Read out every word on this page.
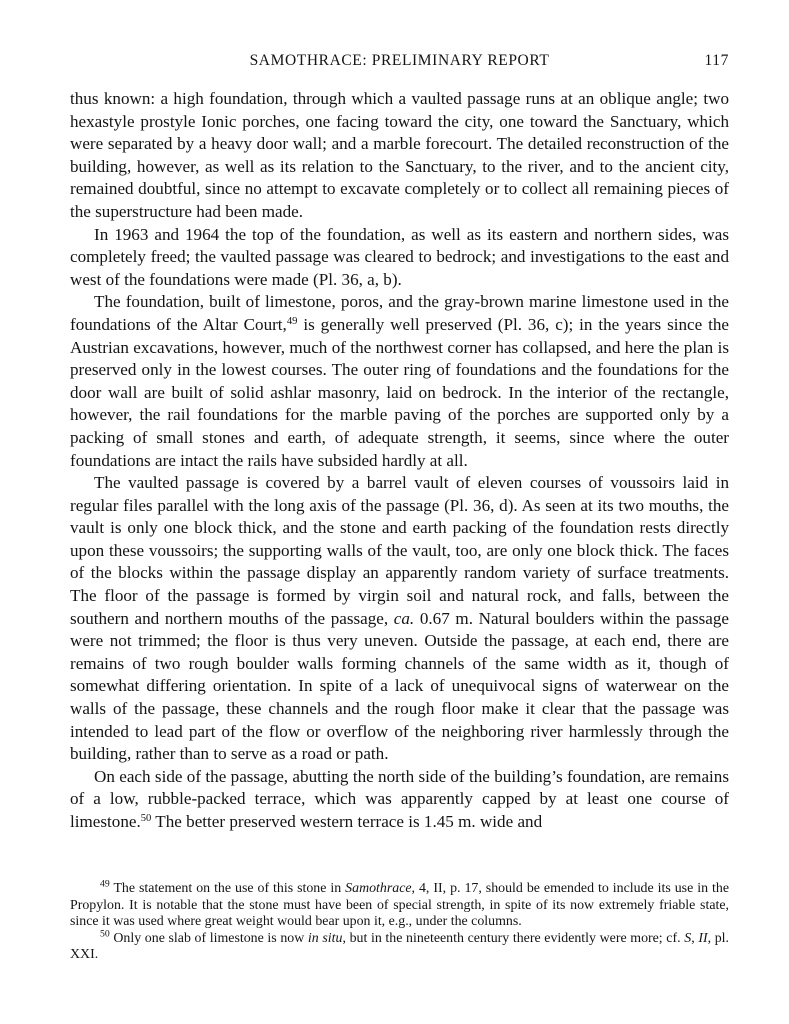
SAMOTHRACE: PRELIMINARY REPORT	117

thus known: a high foundation, through which a vaulted passage runs at an oblique angle; two hexastyle prostyle Ionic porches, one facing toward the city, one toward the Sanctuary, which were separated by a heavy door wall; and a marble forecourt. The detailed reconstruction of the building, however, as well as its relation to the Sanctuary, to the river, and to the ancient city, remained doubtful, since no attempt to excavate completely or to collect all remaining pieces of the superstructure had been made.

In 1963 and 1964 the top of the foundation, as well as its eastern and northern sides, was completely freed; the vaulted passage was cleared to bedrock; and investigations to the east and west of the foundations were made (Pl. 36, a, b).

The foundation, built of limestone, poros, and the gray-brown marine limestone used in the foundations of the Altar Court,$^{49}$ is generally well preserved (Pl. 36, c); in the years since the Austrian excavations, however, much of the northwest corner has collapsed, and here the plan is preserved only in the lowest courses. The outer ring of foundations and the foundations for the door wall are built of solid ashlar masonry, laid on bedrock. In the interior of the rectangle, however, the rail foundations for the marble paving of the porches are supported only by a packing of small stones and earth, of adequate strength, it seems, since where the outer foundations are intact the rails have subsided hardly at all.

The vaulted passage is covered by a barrel vault of eleven courses of voussoirs laid in regular files parallel with the long axis of the passage (Pl. 36, d). As seen at its two mouths, the vault is only one block thick, and the stone and earth packing of the foundation rests directly upon these voussoirs; the supporting walls of the vault, too, are only one block thick. The faces of the blocks within the passage display an apparently random variety of surface treatments. The floor of the passage is formed by virgin soil and natural rock, and falls, between the southern and northern mouths of the passage, ca. 0.67 m. Natural boulders within the passage were not trimmed; the floor is thus very uneven. Outside the passage, at each end, there are remains of two rough boulder walls forming channels of the same width as it, though of somewhat differing orientation. In spite of a lack of unequivocal signs of waterwear on the walls of the passage, these channels and the rough floor make it clear that the passage was intended to lead part of the flow or overflow of the neighboring river harmlessly through the building, rather than to serve as a road or path.

On each side of the passage, abutting the north side of the building’s foundation, are remains of a low, rubble-packed terrace, which was apparently capped by at least one course of limestone.$^{50}$ The better preserved western terrace is 1.45 m. wide and

$^{49}$ The statement on the use of this stone in Samothrace, 4, II, p. 17, should be emended to include its use in the Propylon. It is notable that the stone must have been of special strength, in spite of its now extremely friable state, since it was used where great weight would bear upon it, e.g., under the columns.

$^{50}$ Only one slab of limestone is now in situ, but in the nineteenth century there evidently were more; cf. S, II, pl. XXI.
